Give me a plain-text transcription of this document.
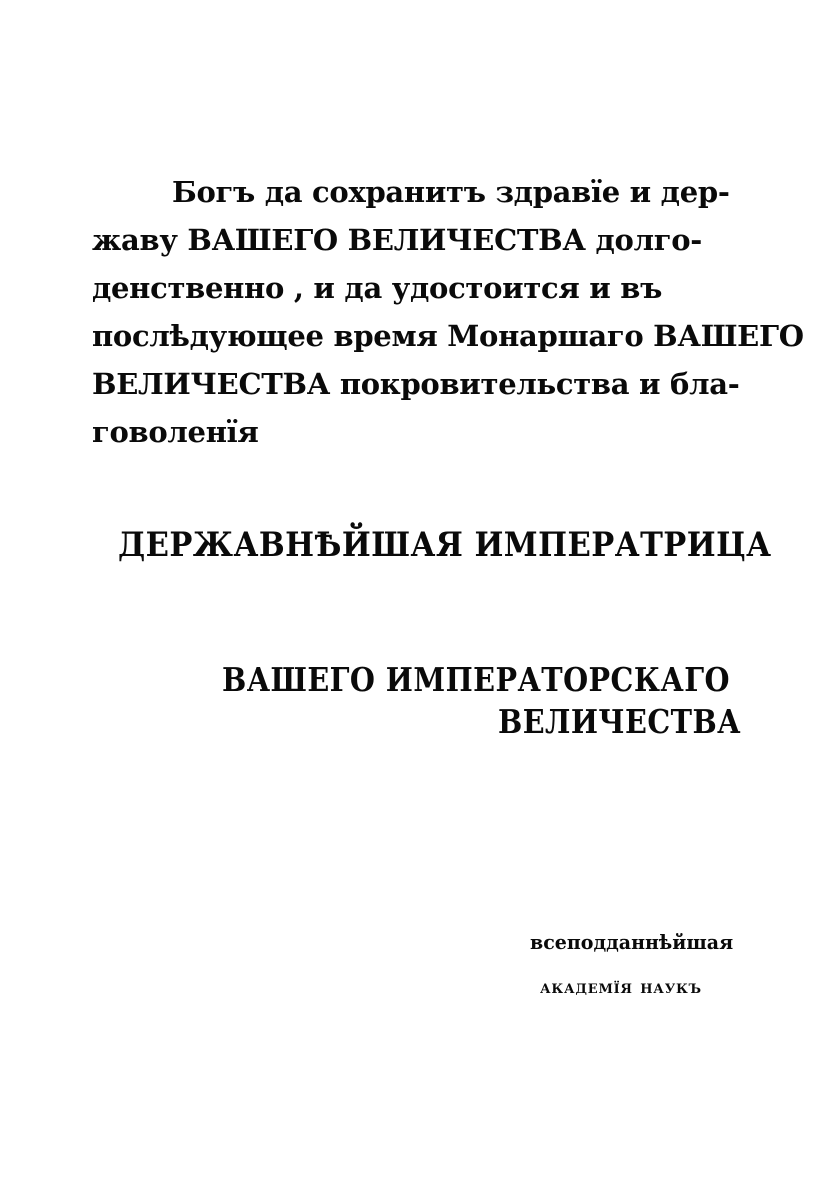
Богъ да сохранитъ здравїе и дер-
жаву ВАШЕГО ВЕЛИЧЕСТВА долго-
денственно , и да удостоится и въ
послѣдующее время Монаршаго ВАШЕГО
ВЕЛИЧЕСТВА покровительства и бла-
говоленїя
ДЕРЖАВНѢЙШАЯ ИМПЕРАТРИЦА
ВАШЕГО ИМПЕРАТОРСКАГО
ВЕЛИЧЕСТВА
всеподданнѣйшая
академїя наукъ
